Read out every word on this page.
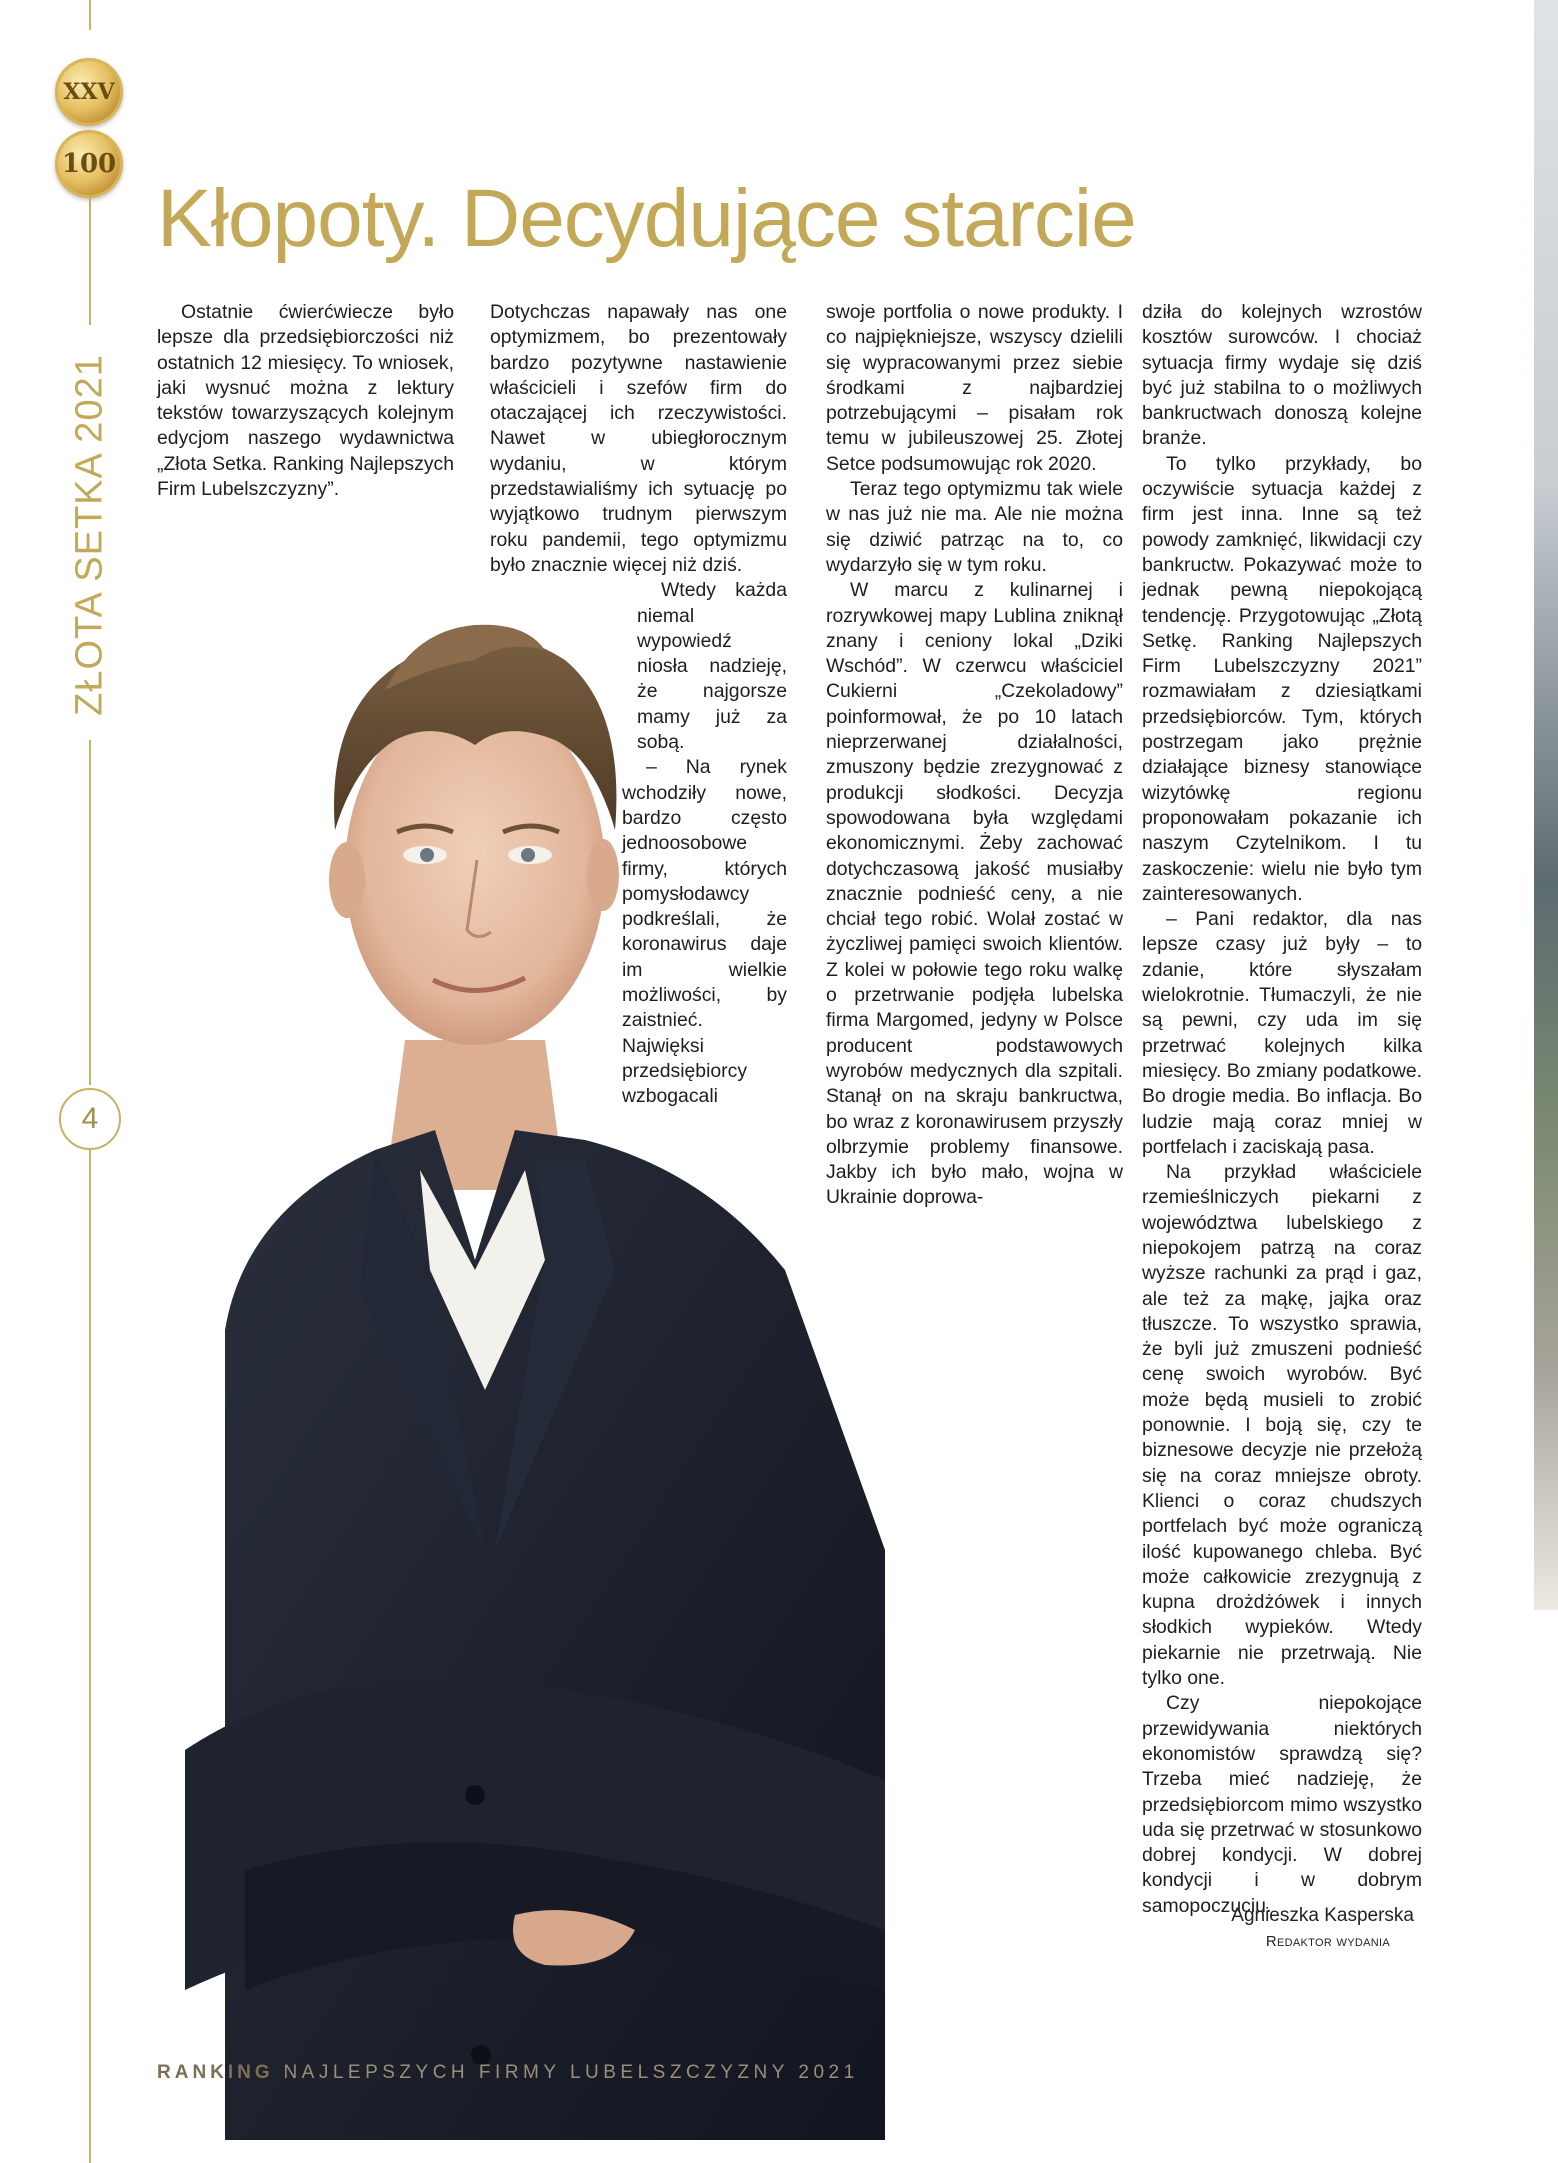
XXV
100
ZŁOTA SETKA 2021
4
Kłopoty. Decydujące starcie

Ostatnie ćwierćwiecze było lepsze dla przedsiębiorczości niż ostatnich 12 miesięcy. To wniosek, jaki wysnuć można z lektury tekstów towarzyszących kolejnym edycjom naszego wydawnictwa „Złota Setka. Ranking Najlepszych Firm Lubelszczyzny”.

Dotychczas napawały nas one optymizmem, bo prezentowały bardzo pozytywne nastawienie właścicieli i szefów firm do otaczającej ich rzeczywistości. Nawet w ubiegłorocznym wydaniu, w którym przedstawialiśmy ich sytuację po wyjątkowo trudnym pierwszym roku pandemii, tego optymizmu było znacznie więcej niż dziś.

Wtedy każda niemal wypowiedź niosła nadzieję, że najgorsze mamy już za sobą.

– Na rynek wchodziły nowe, bardzo często jednoosobowe firmy, których pomysłodawcy podkreślali, że koronawirus daje im wielkie możliwości, by zaistnieć. Najwięksi przedsiębiorcy wzbogacali

swoje portfolia o nowe produkty. I co najpiękniejsze, wszyscy dzielili się wypracowanymi przez siebie środkami z najbardziej potrzebującymi – pisałam rok temu w jubileuszowej 25. Złotej Setce podsumowując rok 2020.

Teraz tego optymizmu tak wiele w nas już nie ma. Ale nie można się dziwić patrząc na to, co wydarzyło się w tym roku.

W marcu z kulinarnej i rozrywkowej mapy Lublina zniknął znany i ceniony lokal „Dziki Wschód”. W czerwcu właściciel Cukierni „Czekoladowy” poinformował, że po 10 latach nieprzerwanej działalności, zmuszony będzie zrezygnować z produkcji słodkości. Decyzja spowodowana była względami ekonomicznymi. Żeby zachować dotychczasową jakość musiałby znacznie podnieść ceny, a nie chciał tego robić. Wolał zostać w życzliwej pamięci swoich klientów. Z kolei w połowie tego roku walkę o przetrwanie podjęła lubelska firma Margomed, jedyny w Polsce producent podstawowych wyrobów medycznych dla szpitali. Stanął on na skraju bankructwa, bo wraz z koronawirusem przyszły olbrzymie problemy finansowe. Jakby ich było mało, wojna w Ukrainie doprowa-

dziła do kolejnych wzrostów kosztów surowców. I chociaż sytuacja firmy wydaje się dziś być już stabilna to o możliwych bankructwach donoszą kolejne branże.

To tylko przykłady, bo oczywiście sytuacja każdej z firm jest inna. Inne są też powody zamknięć, likwidacji czy bankructw. Pokazywać może to jednak pewną niepokojącą tendencję. Przygotowując „Złotą Setkę. Ranking Najlepszych Firm Lubelszczyzny 2021” rozmawiałam z dziesiątkami przedsiębiorców. Tym, których postrzegam jako prężnie działające biznesy stanowiące wizytówkę regionu proponowałam pokazanie ich naszym Czytelnikom. I tu zaskoczenie: wielu nie było tym zainteresowanych.

– Pani redaktor, dla nas lepsze czasy już były – to zdanie, które słyszałam wielokrotnie. Tłumaczyli, że nie są pewni, czy uda im się przetrwać kolejnych kilka miesięcy. Bo zmiany podatkowe. Bo drogie media. Bo inflacja. Bo ludzie mają coraz mniej w portfelach i zaciskają pasa.

Na przykład właściciele rzemieślniczych piekarni z województwa lubelskiego z niepokojem patrzą na coraz wyższe rachunki za prąd i gaz, ale też za mąkę, jajka oraz tłuszcze. To wszystko sprawia, że byli już zmuszeni podnieść cenę swoich wyrobów. Być może będą musieli to zrobić ponownie. I boją się, czy te biznesowe decyzje nie przełożą się na coraz mniejsze obroty. Klienci o coraz chudszych portfelach być może ograniczą ilość kupowanego chleba. Być może całkowicie zrezygnują z kupna drożdżówek i innych słodkich wypieków. Wtedy piekarnie nie przetrwają. Nie tylko one.

Czy niepokojące przewidywania niektórych ekonomistów sprawdzą się? Trzeba mieć nadzieję, że przedsiębiorcom mimo wszystko uda się przetrwać w stosunkowo dobrej kondycji. W dobrej kondycji i w dobrym samopoczuciu.

Agnieszka Kasperska
Redaktor wydania
RANKING NAJLEPSZYCH FIRMY LUBELSZCZYZNY 2021
